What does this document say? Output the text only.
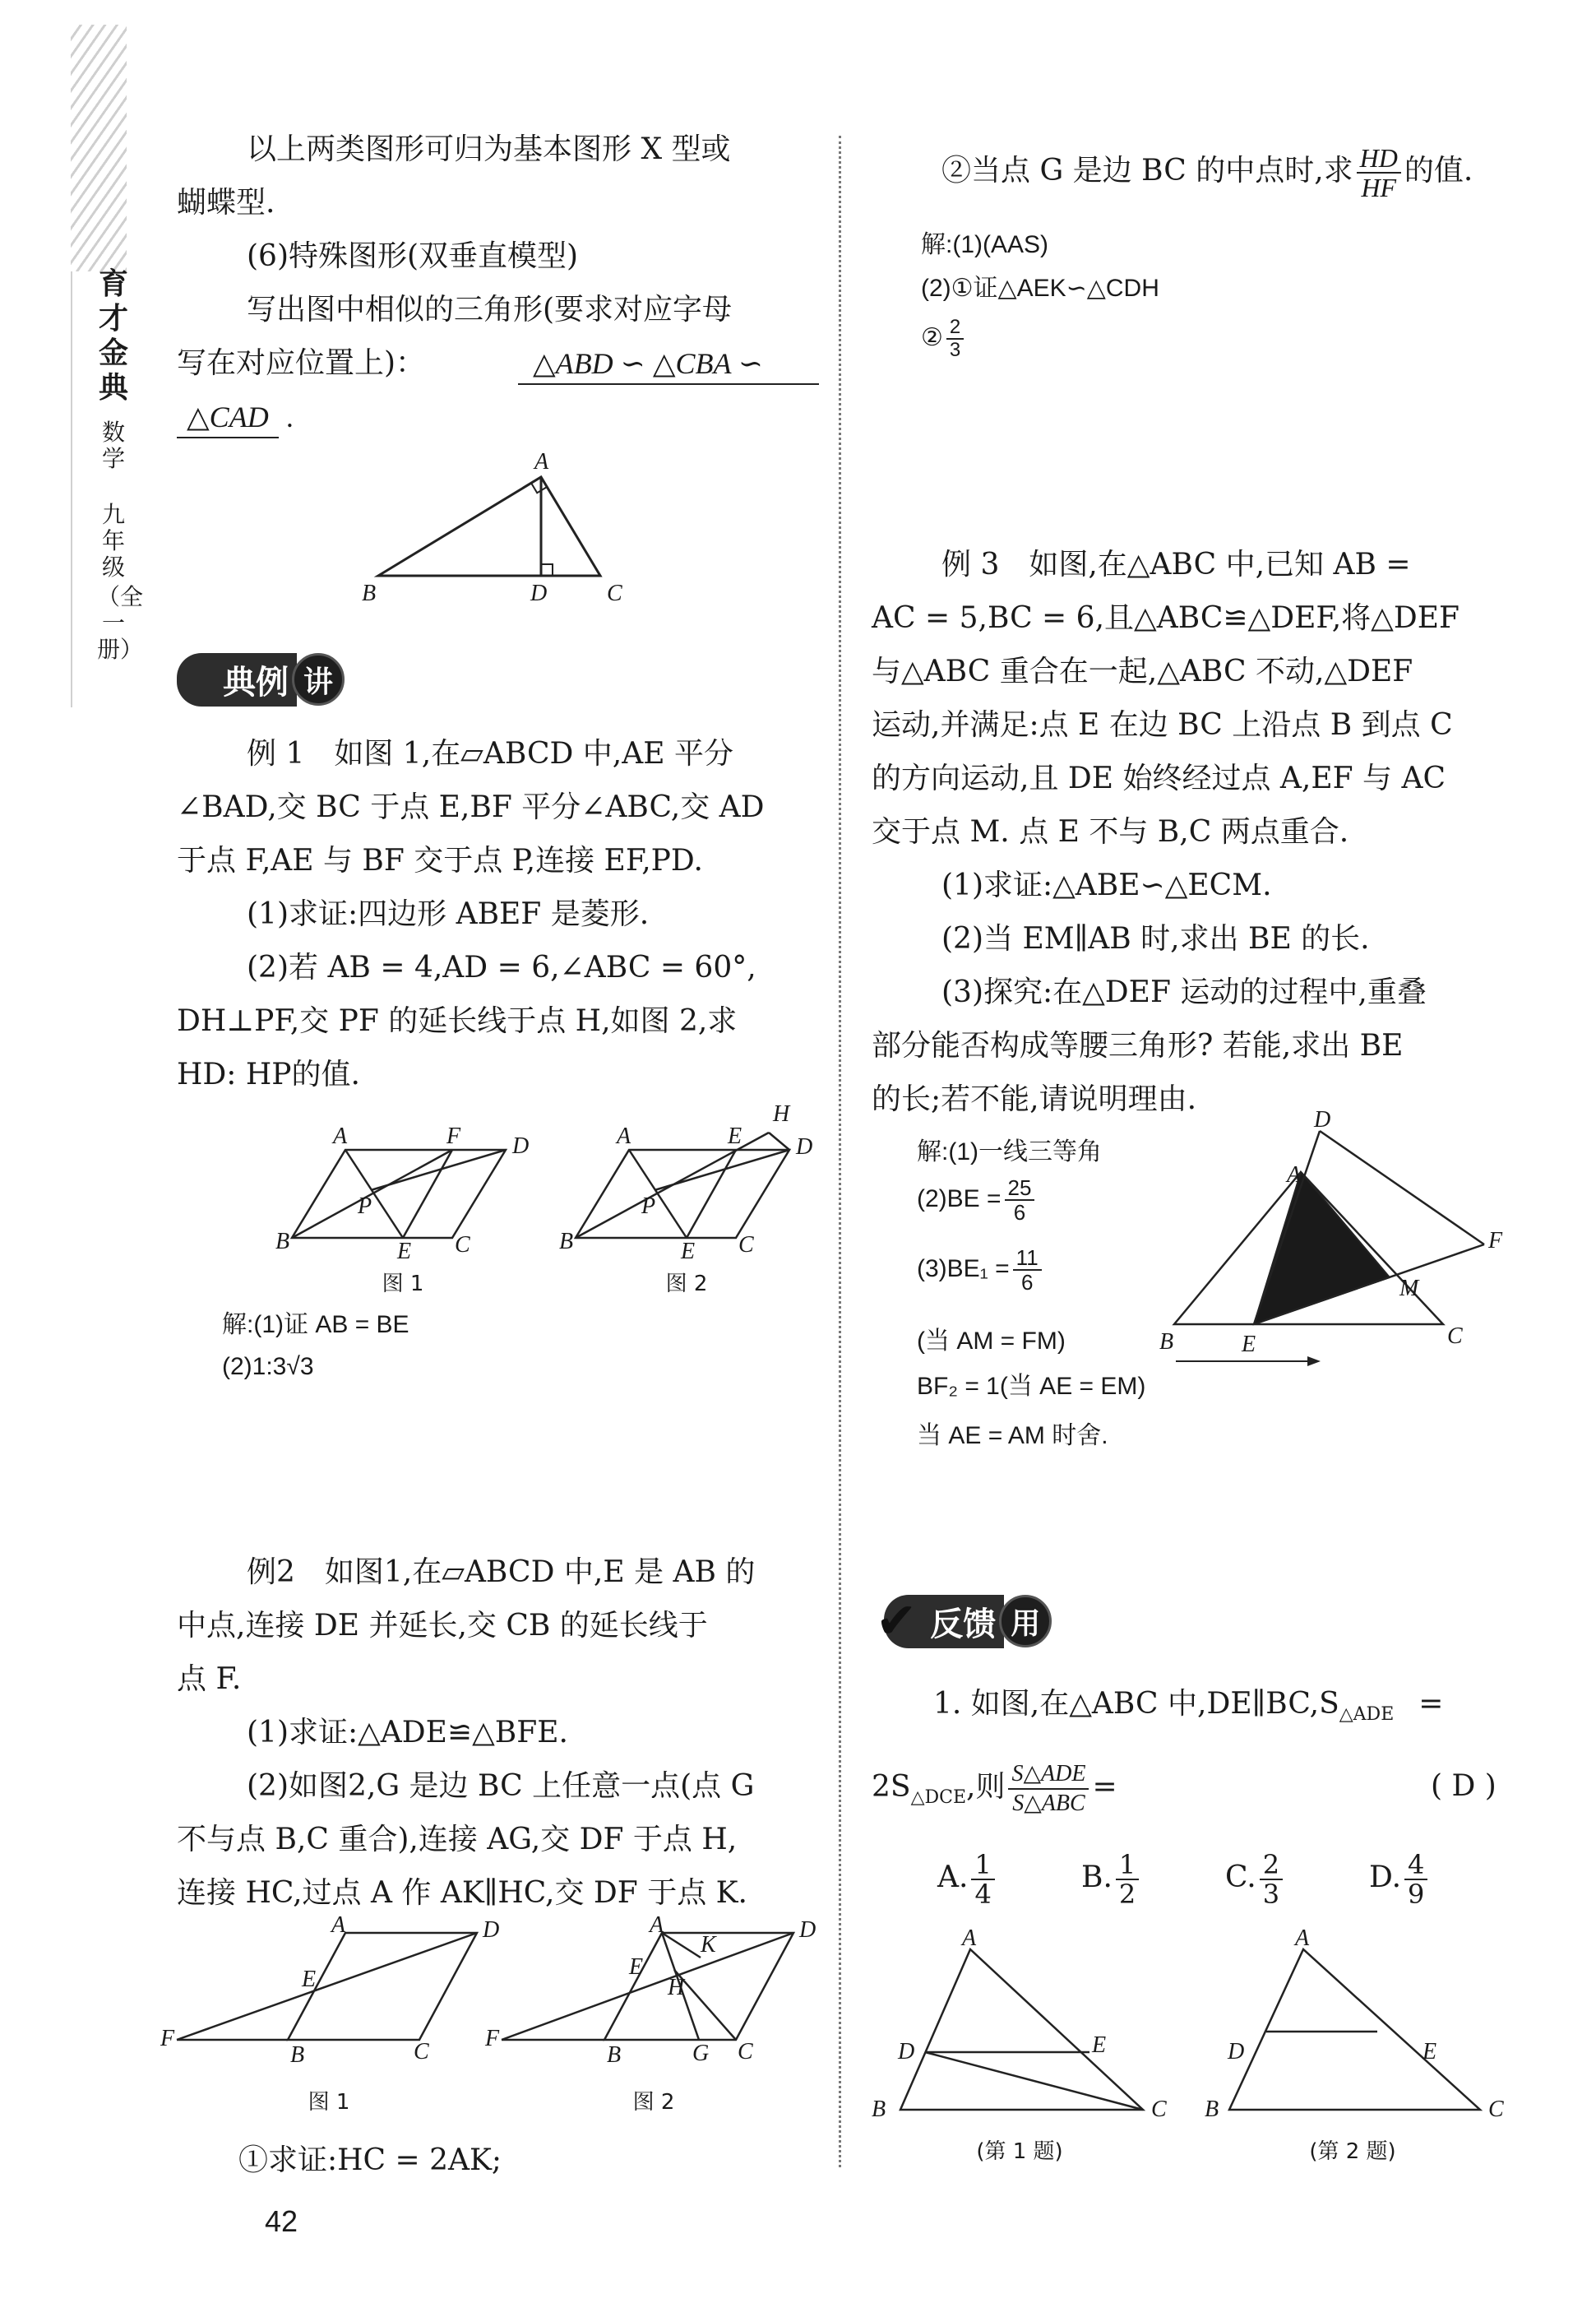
育才金典
数学
九年级
（全一册）
以上两类图形可归为基本图形 X 型或
蝴蝶型.
(6)特殊图形(双垂直模型)
写出图中相似的三角形(要求对应字母
写在对应位置上)：	△ABD ∽ △CBA ∽
△CAD .
A
B	D	C
典例 讲
例 1　如图 1,在▱ABCD 中,AE 平分
∠BAD,交 BC 于点 E,BF 平分∠ABC,交 AD
于点 F,AE 与 BF 交于点 P,连接 EF,PD.
(1)求证:四边形 ABEF 是菱形.
(2)若 AB = 4,AD = 6,∠ABC = 60°,
DH⊥PF,交 PF 的延长线于点 H,如图 2,求
HD: HP的值.
A	F D
B	E C
P
图 1
A	E
H
D
B	E C
P
图 2
解:(1)证 AB = BE
(2)1:3√3
例2　如图1,在▱ABCD 中,E 是 AB 的
中点,连接 DE 并延长,交 CB 的延长线于
点 F.
(1)求证:△ADE≌△BFE.
(2)如图2,G 是边 BC 上任意一点(点 G
不与点 B,C 重合),连接 AG,交 DF 于点 H,
连接 HC,过点 A 作 AK∥HC,交 DF 于点 K.
A	D
E
F
B	C
图 1
A	D
K
E
H
F
B	G C
图 2
①求证:HC = 2AK;
42
②当点 G 是边 BC 的中点时,求 $\frac{HD}{HF}$ 的值.
解:(1)(AAS)
(2)①证△AEK∽△CDH
② $\frac{2}{3}$
例 3　如图,在△ABC 中,已知 AB =
AC = 5,BC = 6,且△ABC≌△DEF,将△DEF
与△ABC 重合在一起,△ABC 不动,△DEF
运动,并满足:点 E 在边 BC 上沿点 B 到点 C
的方向运动,且 DE 始终经过点 A,EF 与 AC
交于点 M. 点 E 不与 B,C 两点重合.
(1)求证:△ABE∽△ECM.
(2)当 EM∥AB 时,求出 BE 的长.
(3)探究:在△DEF 运动的过程中,重叠
部分能否构成等腰三角形? 若能,求出 BE
的长;若不能,请说明理由.
解:(1)一线三等角
$(2)BE = \frac{25}{6}$
$(3)BE_1 = \frac{11}{6}$
(当 AM = FM)
BF₂ = 1(当 AE = EM)
当 AE = AM 时舍.
D
A
F
M
B	E	C
✔ 反馈 用
1. 如图,在△ABC 中$,DE\parallel BC,S_{\triangle ADE}$ =
$2S_{\triangle DCE}$,则 $\frac{\text{S△ADE}}{\text{S△ABC}}$ =	( D )
A. $\frac{1}{4}$	B. $\frac{1}{2}$	C. $\frac{2}{3}$	D. $\frac{4}{9}$
A
D	E
B	C
(第 1 题)
A
D	E
B	C
(第 2 题)
